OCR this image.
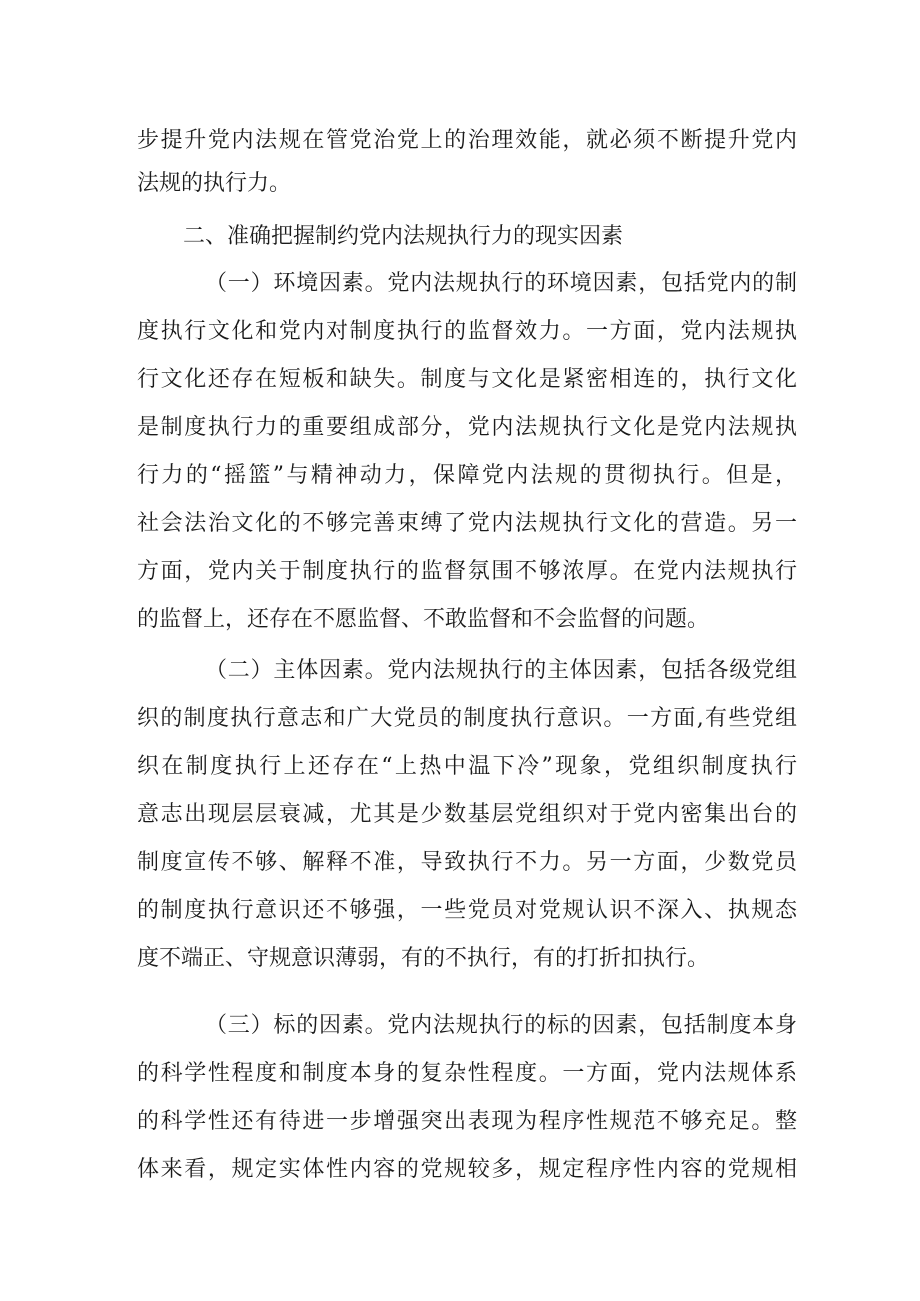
步提升党内法规在管党治党上的治理效能，就必须不断提升党内
法规的执行力。
二、准确把握制约党内法规执行力的现实因素
（一）环境因素。党内法规执行的环境因素，包括党内的制
度执行文化和党内对制度执行的监督效力。一方面，党内法规执
行文化还存在短板和缺失。制度与文化是紧密相连的，执行文化
是制度执行力的重要组成部分，党内法规执行文化是党内法规执
行力的“摇篮”与精神动力，保障党内法规的贯彻执行。但是，
社会法治文化的不够完善束缚了党内法规执行文化的营造。另一
方面，党内关于制度执行的监督氛围不够浓厚。在党内法规执行
的监督上，还存在不愿监督、不敢监督和不会监督的问题。
（二）主体因素。党内法规执行的主体因素，包括各级党组
织的制度执行意志和广大党员的制度执行意识。一方面,有些党组
织在制度执行上还存在“上热中温下冷”现象，党组织制度执行
意志出现层层衰减，尤其是少数基层党组织对于党内密集出台的
制度宣传不够、解释不准，导致执行不力。另一方面，少数党员
的制度执行意识还不够强，一些党员对党规认识不深入、执规态
度不端正、守规意识薄弱，有的不执行，有的打折扣执行。
（三）标的因素。党内法规执行的标的因素，包括制度本身
的科学性程度和制度本身的复杂性程度。一方面，党内法规体系
的科学性还有待进一步增强突出表现为程序性规范不够充足。整
体来看，规定实体性内容的党规较多，规定程序性内容的党规相
